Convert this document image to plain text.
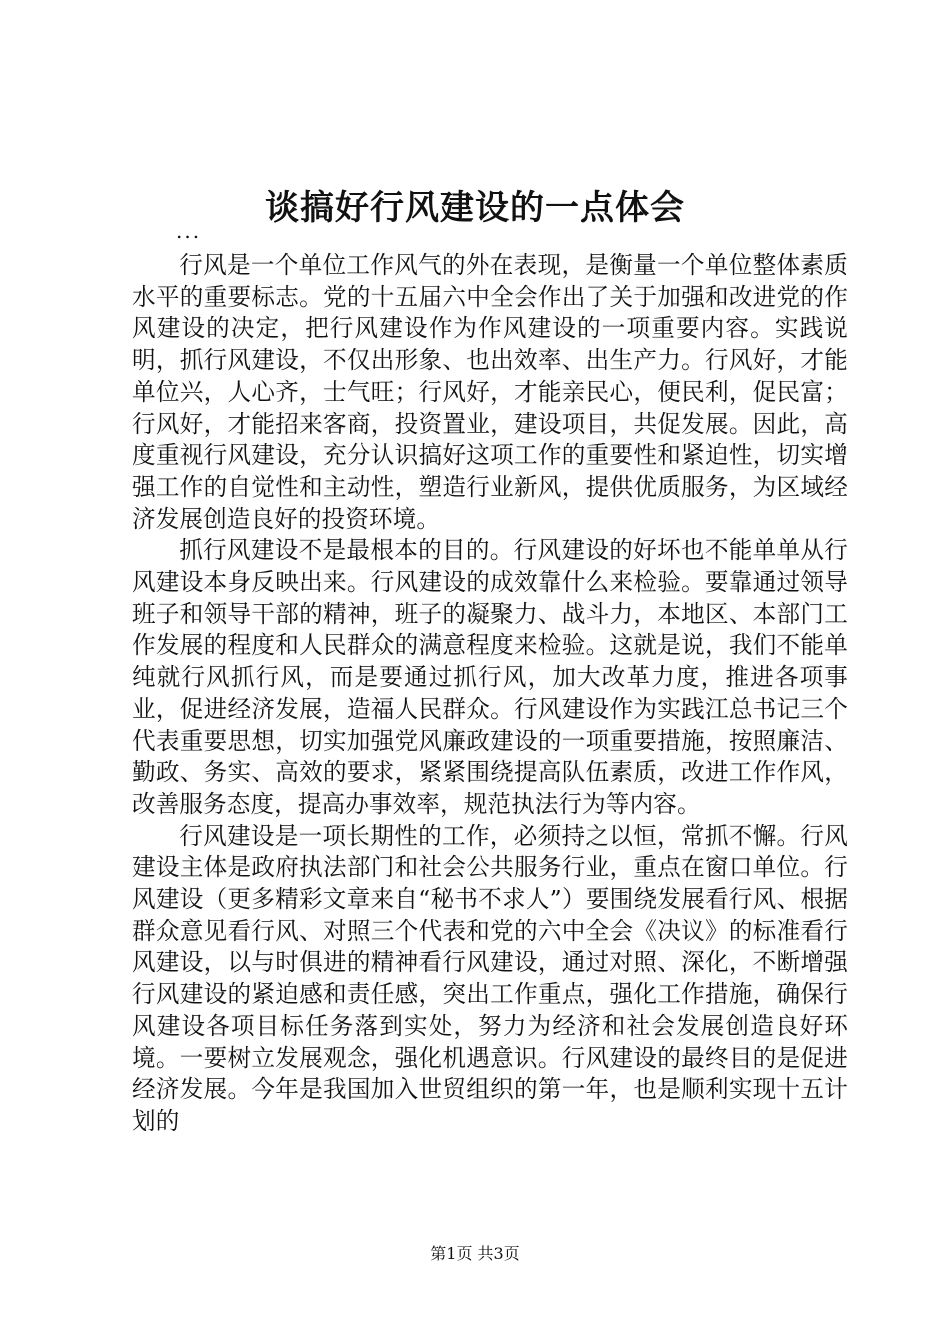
谈搞好行风建设的一点体会
...

行风是一个单位工作风气的外在表现，是衡量一个单位整体素质水平的重要标志。党的十五届六中全会作出了关于加强和改进党的作风建设的决定，把行风建设作为作风建设的一项重要内容。实践说明，抓行风建设，不仅出形象、也出效率、出生产力。行风好，才能单位兴，人心齐，士气旺；行风好，才能亲民心，便民利，促民富；行风好，才能招来客商，投资置业，建设项目，共促发展。因此，高度重视行风建设，充分认识搞好这项工作的重要性和紧迫性，切实增强工作的自觉性和主动性，塑造行业新风，提供优质服务，为区域经济发展创造良好的投资环境。

抓行风建设不是最根本的目的。行风建设的好坏也不能单单从行风建设本身反映出来。行风建设的成效靠什么来检验。要靠通过领导班子和领导干部的精神，班子的凝聚力、战斗力，本地区、本部门工作发展的程度和人民群众的满意程度来检验。这就是说，我们不能单纯就行风抓行风，而是要通过抓行风，加大改革力度，推进各项事业，促进经济发展，造福人民群众。行风建设作为实践江总书记三个代表重要思想，切实加强党风廉政建设的一项重要措施，按照廉洁、勤政、务实、高效的要求，紧紧围绕提高队伍素质，改进工作作风，改善服务态度，提高办事效率，规范执法行为等内容。

行风建设是一项长期性的工作，必须持之以恒，常抓不懈。行风建设主体是政府执法部门和社会公共服务行业，重点在窗口单位。行风建设（更多精彩文章来自“秘书不求人”）要围绕发展看行风、根据群众意见看行风、对照三个代表和党的六中全会《决议》的标准看行风建设，以与时俱进的精神看行风建设，通过对照、深化，不断增强行风建设的紧迫感和责任感，突出工作重点，强化工作措施，确保行风建设各项目标任务落到实处，努力为经济和社会发展创造良好环境。一要树立发展观念，强化机遇意识。行风建设的最终目的是促进经济发展。今年是我国加入世贸组织的第一年，也是顺利实现十五计划的

第1页 共3页
